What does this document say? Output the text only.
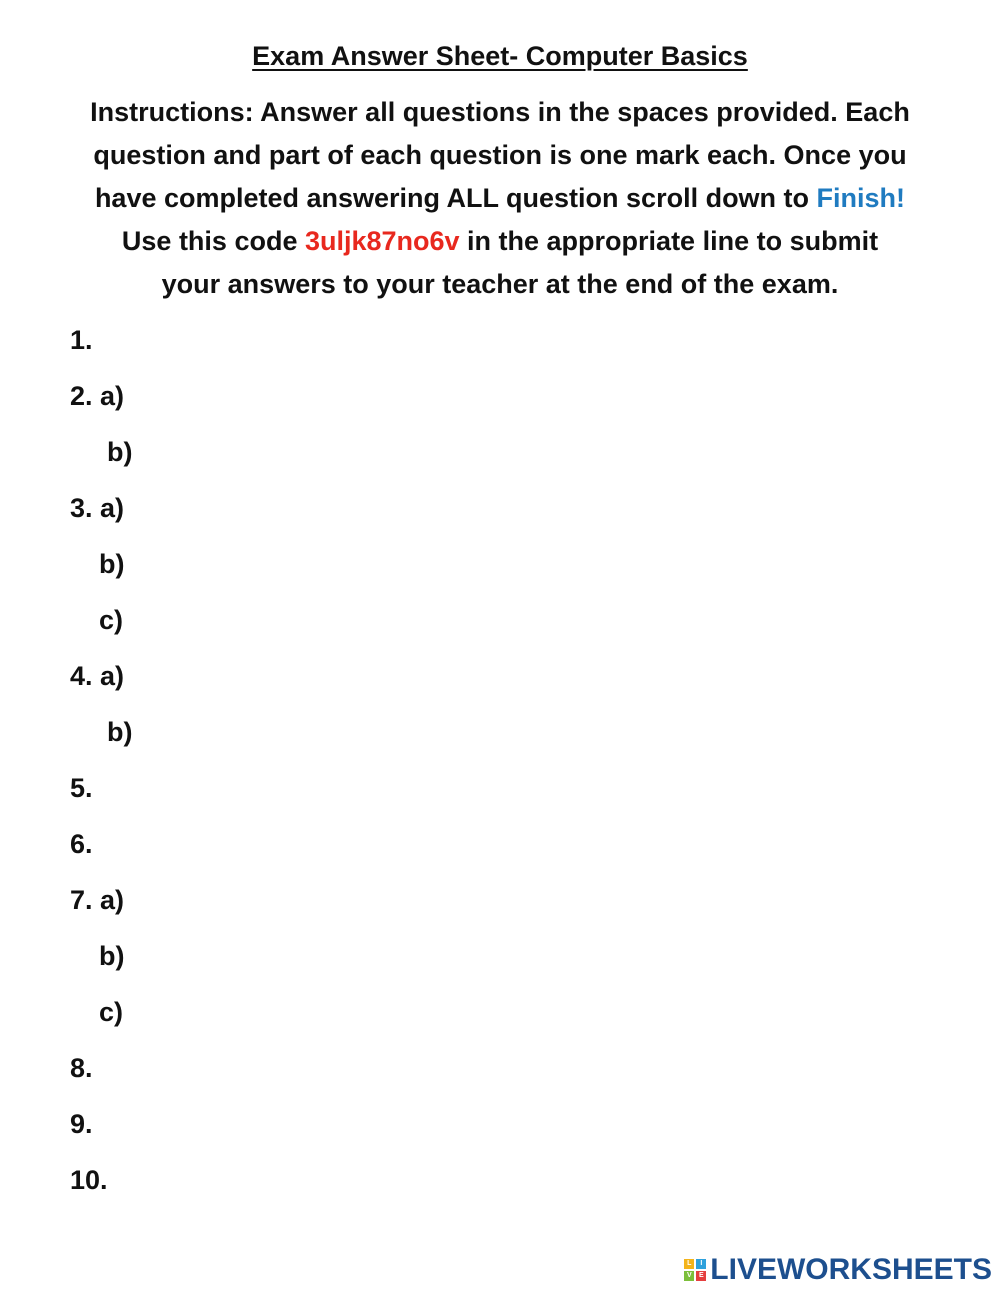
Exam Answer Sheet- Computer Basics
Instructions: Answer all questions in the spaces provided. Each
question and part of each question is one mark each. Once you
have completed answering ALL question scroll down to Finish!
Use this code 3uljk87no6v in the appropriate line to submit
your answers to your teacher at the end of the exam.
1.
2. a)
b)
3. a)
b)
c)
4. a)
b)
5.
6.
7. a)
b)
c)
8.
9.
10.
L	I
V	E LIVEWORKSHEETS
